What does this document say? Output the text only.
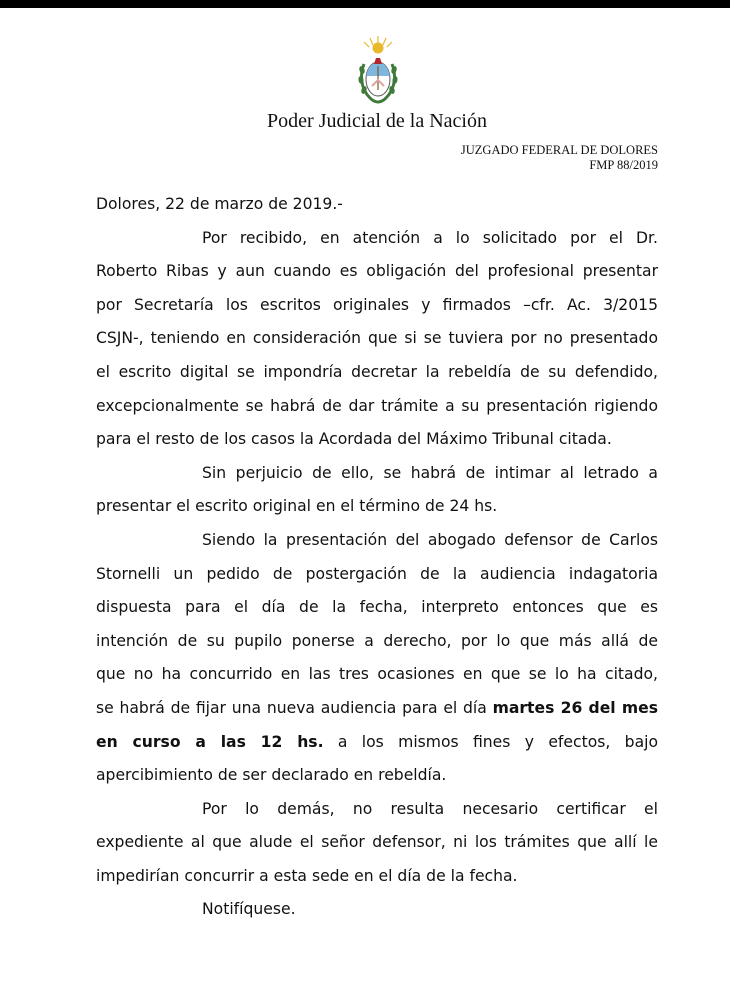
Poder Judicial de la Nación
JUZGADO FEDERAL DE DOLORES
FMP 88/2019
Dolores, 22 de marzo de 2019.-
Por recibido, en atención a lo solicitado por el Dr.
Roberto Ribas y aun cuando es obligación del profesional presentar
por Secretaría los escritos originales y firmados –cfr. Ac. 3/2015
CSJN-, teniendo en consideración que si se tuviera por no presentado
el escrito digital se impondría decretar la rebeldía de su defendido,
excepcionalmente se habrá de dar trámite a su presentación rigiendo
para el resto de los casos la Acordada del Máximo Tribunal citada.
Sin perjuicio de ello, se habrá de intimar al letrado a
presentar el escrito original en el término de 24 hs.
Siendo la presentación del abogado defensor de Carlos
Stornelli un pedido de postergación de la audiencia indagatoria
dispuesta para el día de la fecha, interpreto entonces que es
intención de su pupilo ponerse a derecho, por lo que más allá de
que no ha concurrido en las tres ocasiones en que se lo ha citado,
se habrá de fijar una nueva audiencia para el día martes 26 del mes
en curso a las 12 hs. a los mismos fines y efectos, bajo
apercibimiento de ser declarado en rebeldía.
Por lo demás, no resulta necesario certificar el
expediente al que alude el señor defensor, ni los trámites que allí le
impedirían concurrir a esta sede en el día de la fecha.
Notifíquese.
